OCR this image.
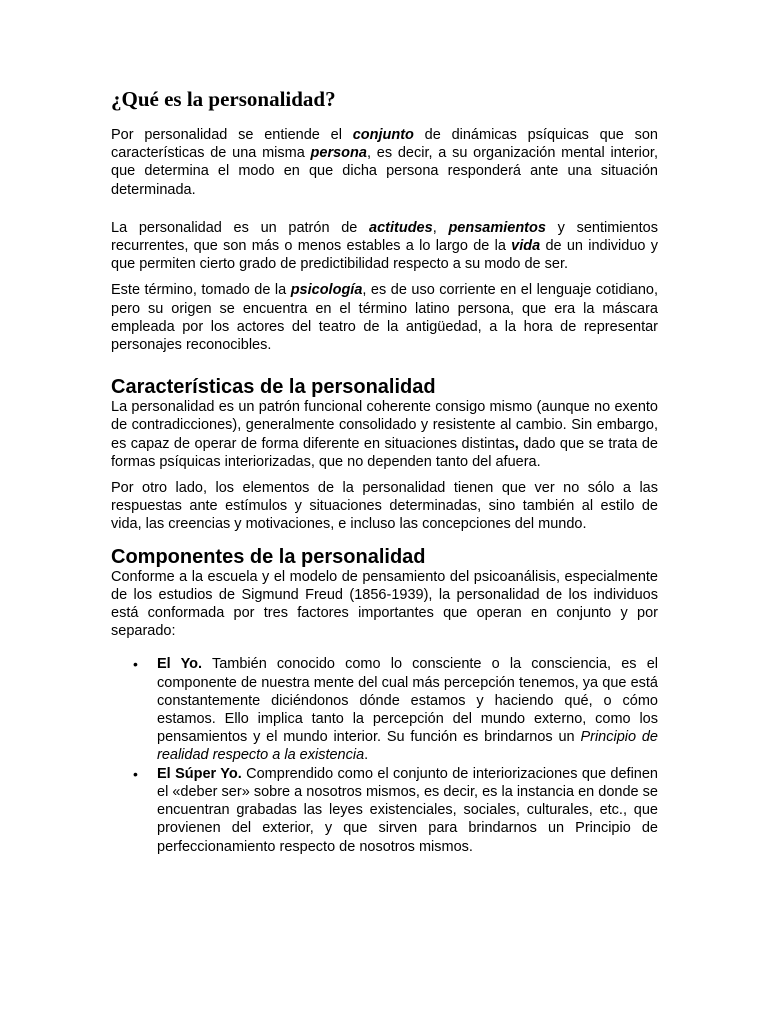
¿Qué es la personalidad?

Por personalidad se entiende el conjunto de dinámicas psíquicas que son características de una misma persona, es decir, a su organización mental interior, que determina el modo en que dicha persona responderá ante una situación determinada.

La personalidad es un patrón de actitudes, pensamientos y sentimientos recurrentes, que son más o menos estables a lo largo de la vida de un individuo y que permiten cierto grado de predictibilidad respecto a su modo de ser.

Este término, tomado de la psicología, es de uso corriente en el lenguaje cotidiano, pero su origen se encuentra en el término latino persona, que era la máscara empleada por los actores del teatro de la antigüedad, a la hora de representar personajes reconocibles.

Características de la personalidad

La personalidad es un patrón funcional coherente consigo mismo (aunque no exento de contradicciones), generalmente consolidado y resistente al cambio. Sin embargo, es capaz de operar de forma diferente en situaciones distintas, dado que se trata de formas psíquicas interiorizadas, que no dependen tanto del afuera.

Por otro lado, los elementos de la personalidad tienen que ver no sólo a las respuestas ante estímulos y situaciones determinadas, sino también al estilo de vida, las creencias y motivaciones, e incluso las concepciones del mundo.

Componentes de la personalidad

Conforme a la escuela y el modelo de pensamiento del psicoanálisis, especialmente de los estudios de Sigmund Freud (1856-1939), la personalidad de los individuos está conformada por tres factores importantes que operan en conjunto y por separado:

• El Yo. También conocido como lo consciente o la consciencia, es el componente de nuestra mente del cual más percepción tenemos, ya que está constantemente diciéndonos dónde estamos y haciendo qué, o cómo estamos. Ello implica tanto la percepción del mundo externo, como los pensamientos y el mundo interior. Su función es brindarnos un Principio de realidad respecto a la existencia.
• El Súper Yo. Comprendido como el conjunto de interiorizaciones que definen el «deber ser» sobre a nosotros mismos, es decir, es la instancia en donde se encuentran grabadas las leyes existenciales, sociales, culturales, etc., que provienen del exterior, y que sirven para brindarnos un Principio de perfeccionamiento respecto de nosotros mismos.
